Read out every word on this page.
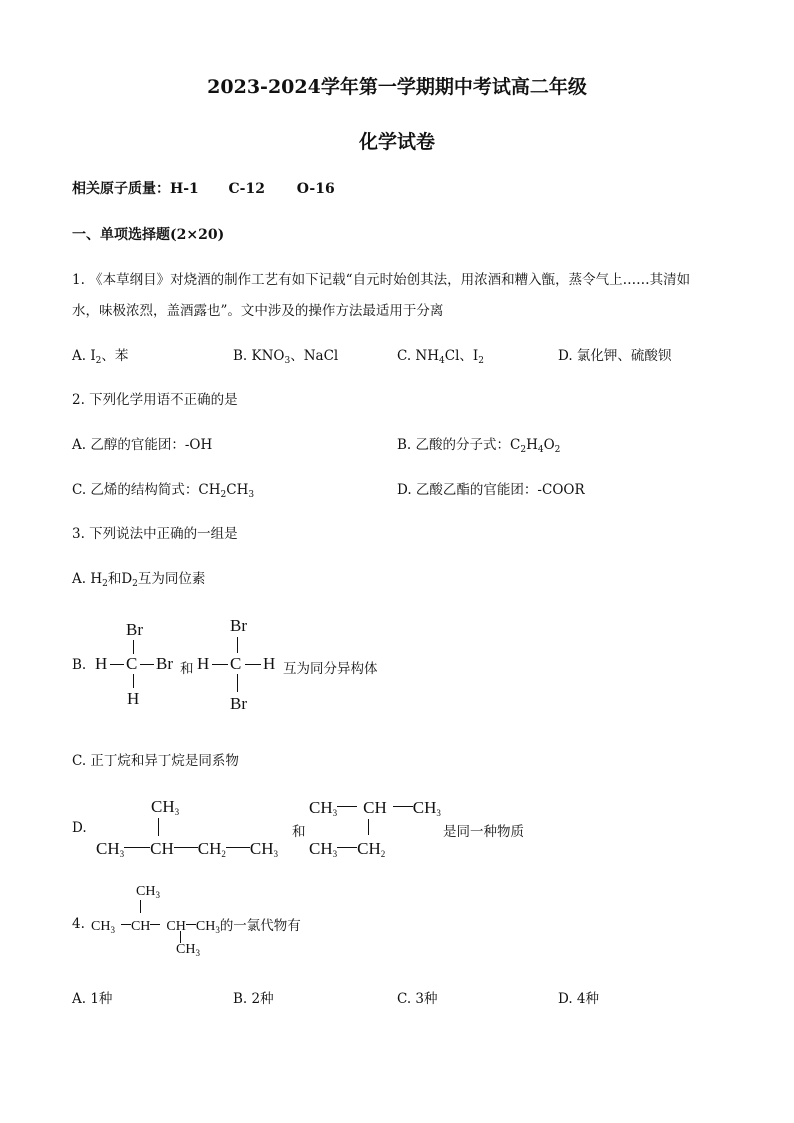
2023-2024学年第一学期期中考试高二年级
化学试卷
相关原子质量：H-1 C-12 O-16
一、单项选择题(2×20)
1. 《本草纲目》对烧酒的制作工艺有如下记载“自元时始创其法，用浓酒和糟入甑，蒸令气上……其清如
水，味极浓烈，盖酒露也”。文中涉及的操作方法最适用于分离
A. $I_2$、苯	B. $KNO_3$、NaCl	C. $NH_4Cl$、$I_2$	D. 氯化钾、硫酸钡
2. 下列化学用语不正确的是
A. 乙醇的官能团：-OH	B. 乙酸的分子式：$C_2H_4O_2$
C. 乙烯的结构简式：$CH_2CH_3$	D. 乙酸乙酯的官能团：-COOR
3. 下列说法中正确的一组是
A. $H_2$和$D_2$互为同位素
B.
Br
H C Br
H
和
Br
H C H
Br
互为同分异构体
C. 正丁烷和异丁烷是同系物
D.
$CH_3$
$CH_3$ CH $CH_2$ $CH_3$
和
$CH_3$ CH $CH_3$
$CH_3$ $CH_2$
是同一种物质
4.
$CH_3$
$CH_3$ CH CH $CH_3$的一氯代物有
$CH_3$
A. 1种	B. 2种	C. 3种	D. 4种
